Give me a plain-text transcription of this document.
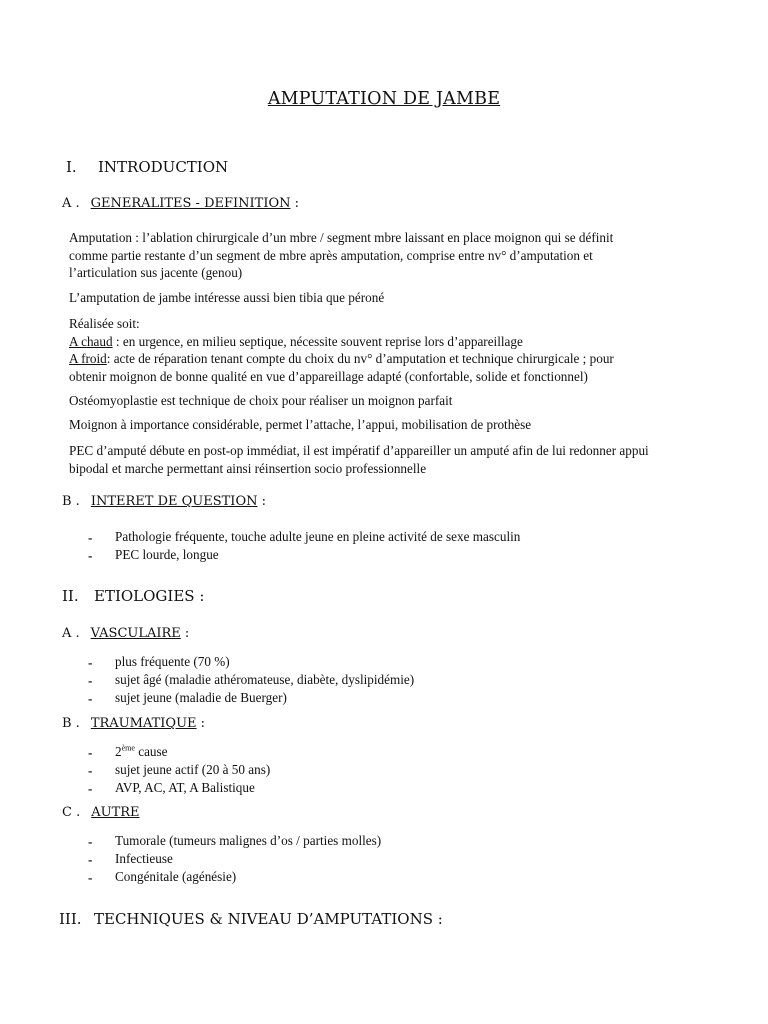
AMPUTATION DE JAMBE
I. INTRODUCTION
A . GENERALITES - DEFINITION :
Amputation : l’ablation chirurgicale d’un mbre / segment mbre laissant en place moignon qui se définit
comme partie restante d’un segment de mbre après amputation, comprise entre nv° d’amputation et
l’articulation sus jacente (genou)
L’amputation de jambe intéresse aussi bien tibia que péroné
Réalisée soit:
A chaud : en urgence, en milieu septique, nécessite souvent reprise lors d’appareillage
A froid: acte de réparation tenant compte du choix du nv° d’amputation et technique chirurgicale ; pour
obtenir moignon de bonne qualité en vue d’appareillage adapté (confortable, solide et fonctionnel)
Ostéomyoplastie est technique de choix pour réaliser un moignon parfait
Moignon à importance considérable, permet l’attache, l’appui, mobilisation de prothèse
PEC d’amputé débute en post-op immédiat, il est impératif d’appareiller un amputé afin de lui redonner appui
bipodal et marche permettant ainsi réinsertion socio professionnelle
B . INTERET DE QUESTION :
- Pathologie fréquente, touche adulte jeune en pleine activité de sexe masculin
- PEC lourde, longue
II. ETIOLOGIES :
A . VASCULAIRE :
- plus fréquente (70 %)
- sujet âgé (maladie athéromateuse, diabète, dyslipidémie)
- sujet jeune (maladie de Buerger)
B . TRAUMATIQUE :
- 2ème cause
- sujet jeune actif (20 à 50 ans)
- AVP, AC, AT, A Balistique
C . AUTRE
- Tumorale (tumeurs malignes d’os / parties molles)
- Infectieuse
- Congénitale (agénésie)
III. TECHNIQUES & NIVEAU D’AMPUTATIONS :
